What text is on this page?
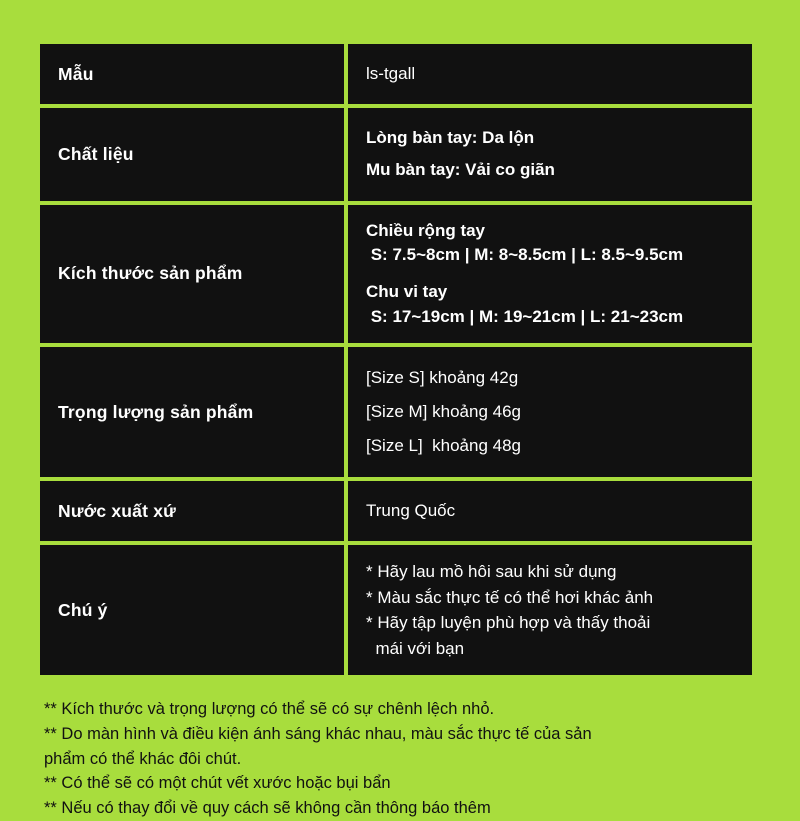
Mẫu	ls-tgall

Chất liệu	Lòng bàn tay: Da lộn
Mu bàn tay: Vải co giãn

Kích thước sản phẩm	Chiều rộng tay
S: 7.5~8cm | M: 8~8.5cm | L: 8.5~9.5cm
Chu vi tay
S: 17~19cm | M: 19~21cm | L: 21~23cm

Trọng lượng sản phẩm	[Size S] khoảng 42g
[Size M] khoảng 46g
[Size L]  khoảng 48g

Nước xuất xứ	Trung Quốc

Chú ý	* Hãy lau mồ hôi sau khi sử dụng
* Màu sắc thực tế có thể hơi khác ảnh
* Hãy tập luyện phù hợp và thấy thoải
mái với bạn
** Kích thước và trọng lượng có thể sẽ có sự chênh lệch nhỏ.
** Do màn hình và điều kiện ánh sáng khác nhau, màu sắc thực tế của sản
phẩm có thể khác đôi chút.
** Có thể sẽ có một chút vết xước hoặc bụi bẩn
** Nếu có thay đổi về quy cách sẽ không cần thông báo thêm
